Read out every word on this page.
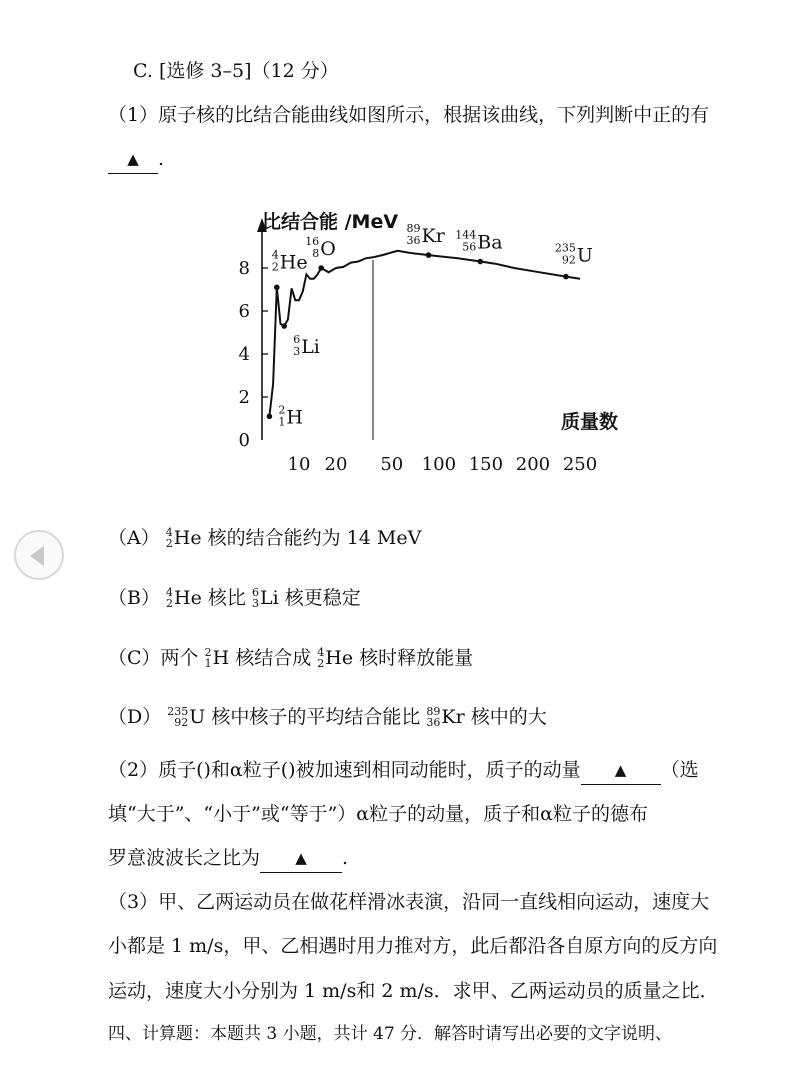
C. [选修 3–5]（12 分）
（1）原子核的比结合能曲线如图所示，根据该曲线，下列判断中正的有
▲ .
0
2
4
6
8
10 20 50 100 150 200 250
比结合能 /MeV
质量数
4
2 He
6
3 Li
2
1 H
16
8 O
89
36 Kr 144
56 Ba	235
92 U
（A） 4
2 He 核的结合能约为 14 MeV
（B） 4
2 He 核比 6
3 Li 核更稳定
（C）两个 2
1 H 核结合成 4
2 He 核时释放能量
（D） 235
92 U 核中核子的平均结合能比 89
36 Kr 核中的大
（2）质子()和α粒子()被加速到相同动能时，质子的动量 ▲ （选
填“大于”、“小于”或“等于”）α粒子的动量，质子和α粒子的德布
罗意波波长之比为 ▲ .
（3）甲、乙两运动员在做花样滑冰表演，沿同一直线相向运动，速度大
小都是 1 m/s，甲、乙相遇时用力推对方，此后都沿各自原方向的反方向
运动，速度大小分别为 1 m/s和 2 m/s．求甲、乙两运动员的质量之比．
四、计算题：本题共 3 小题，共计 47 分．解答时请写出必要的文字说明、
